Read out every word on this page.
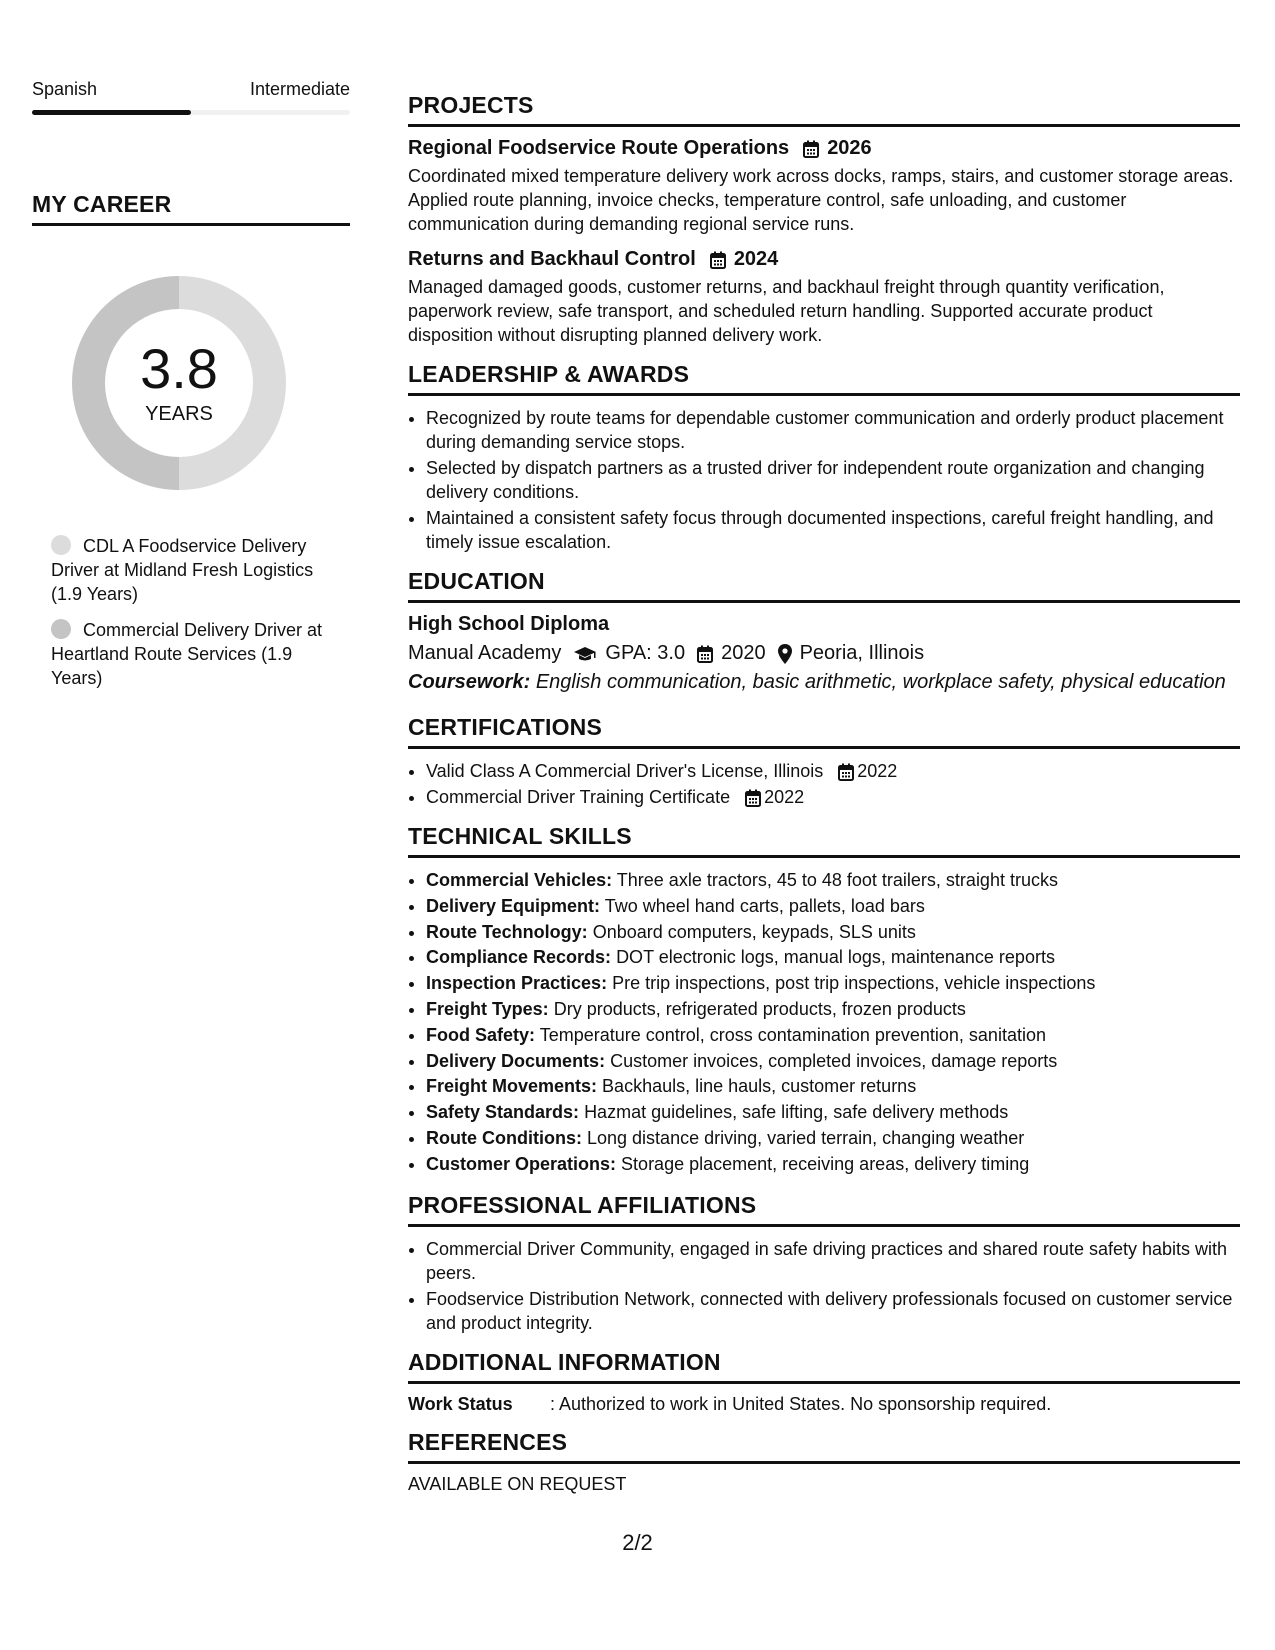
Spanish	Intermediate
MY CAREER
3.8
YEARS
CDL A Foodservice Delivery Driver at Midland Fresh Logistics (1.9 Years)
Commercial Delivery Driver at Heartland Route Services (1.9 Years)
PROJECTS
Regional Foodservice Route Operations 2026
Coordinated mixed temperature delivery work across docks, ramps, stairs, and customer storage areas. Applied route planning, invoice checks, temperature control, safe unloading, and customer communication during demanding regional service runs.
Returns and Backhaul Control 2024
Managed damaged goods, customer returns, and backhaul freight through quantity verification, paperwork review, safe transport, and scheduled return handling. Supported accurate product disposition without disrupting planned delivery work.
LEADERSHIP & AWARDS
• Recognized by route teams for dependable customer communication and orderly product placement during demanding service stops.
• Selected by dispatch partners as a trusted driver for independent route organization and changing delivery conditions.
• Maintained a consistent safety focus through documented inspections, careful freight handling, and timely issue escalation.
EDUCATION
High School Diploma
Manual Academy GPA: 3.0 2020 Peoria, Illinois
Coursework: English communication, basic arithmetic, workplace safety, physical education
CERTIFICATIONS
• Valid Class A Commercial Driver's License, Illinois 2022
• Commercial Driver Training Certificate 2022
TECHNICAL SKILLS
• Commercial Vehicles: Three axle tractors, 45 to 48 foot trailers, straight trucks
• Delivery Equipment: Two wheel hand carts, pallets, load bars
• Route Technology: Onboard computers, keypads, SLS units
• Compliance Records: DOT electronic logs, manual logs, maintenance reports
• Inspection Practices: Pre trip inspections, post trip inspections, vehicle inspections
• Freight Types: Dry products, refrigerated products, frozen products
• Food Safety: Temperature control, cross contamination prevention, sanitation
• Delivery Documents: Customer invoices, completed invoices, damage reports
• Freight Movements: Backhauls, line hauls, customer returns
• Safety Standards: Hazmat guidelines, safe lifting, safe delivery methods
• Route Conditions: Long distance driving, varied terrain, changing weather
• Customer Operations: Storage placement, receiving areas, delivery timing
PROFESSIONAL AFFILIATIONS
• Commercial Driver Community, engaged in safe driving practices and shared route safety habits with peers.
• Foodservice Distribution Network, connected with delivery professionals focused on customer service and product integrity.
ADDITIONAL INFORMATION
Work Status	: Authorized to work in United States. No sponsorship required.
REFERENCES
AVAILABLE ON REQUEST
2/2
